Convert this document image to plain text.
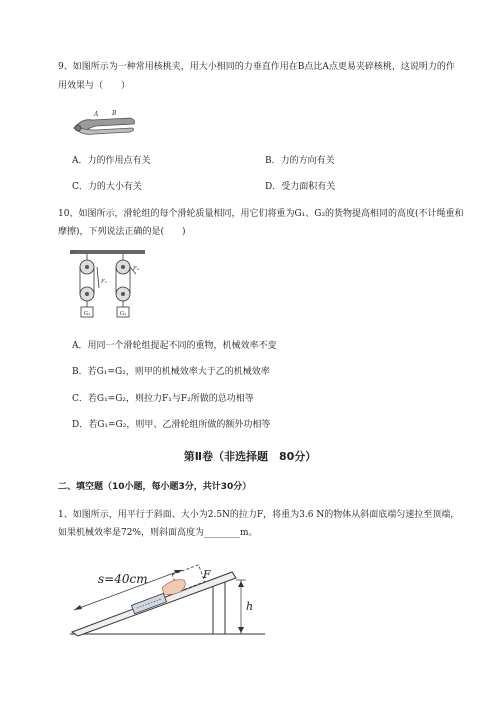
9、如图所示为一种常用核桃夹，用大小相同的力垂直作用在B点比A点更易夹碎核桃，这说明力的作
用效果与（　　）
A B
A．力的作用点有关	B．力的方向有关
C．力的大小有关	D．受力面积有关
10、如图所示，滑轮组的每个滑轮质量相同，用它们将重为G₁、G₂的货物提高相同的高度(不计绳重和
摩擦)，下列说法正确的是(　　)
G₁
F₁
G₂
F₂
A．用同一个滑轮组提起不同的重物，机械效率不变
B．若G₁=G₂，则甲的机械效率大于乙的机械效率
C．若G₁=G₂，则拉力F₁与F₂所做的总功相等
D．若G₁=G₂，则甲、乙滑轮组所做的额外功相等
第Ⅱ卷（非选择题　80分）
二、填空题（10小题，每小题3分，共计30分）
1、如图所示，用平行于斜面、大小为2.5N的拉力F，将重为3.6 N的物体从斜面底端匀速拉至顶端，
如果机械效率是72%，则斜面高度为________m。
s=40cm	F
h
